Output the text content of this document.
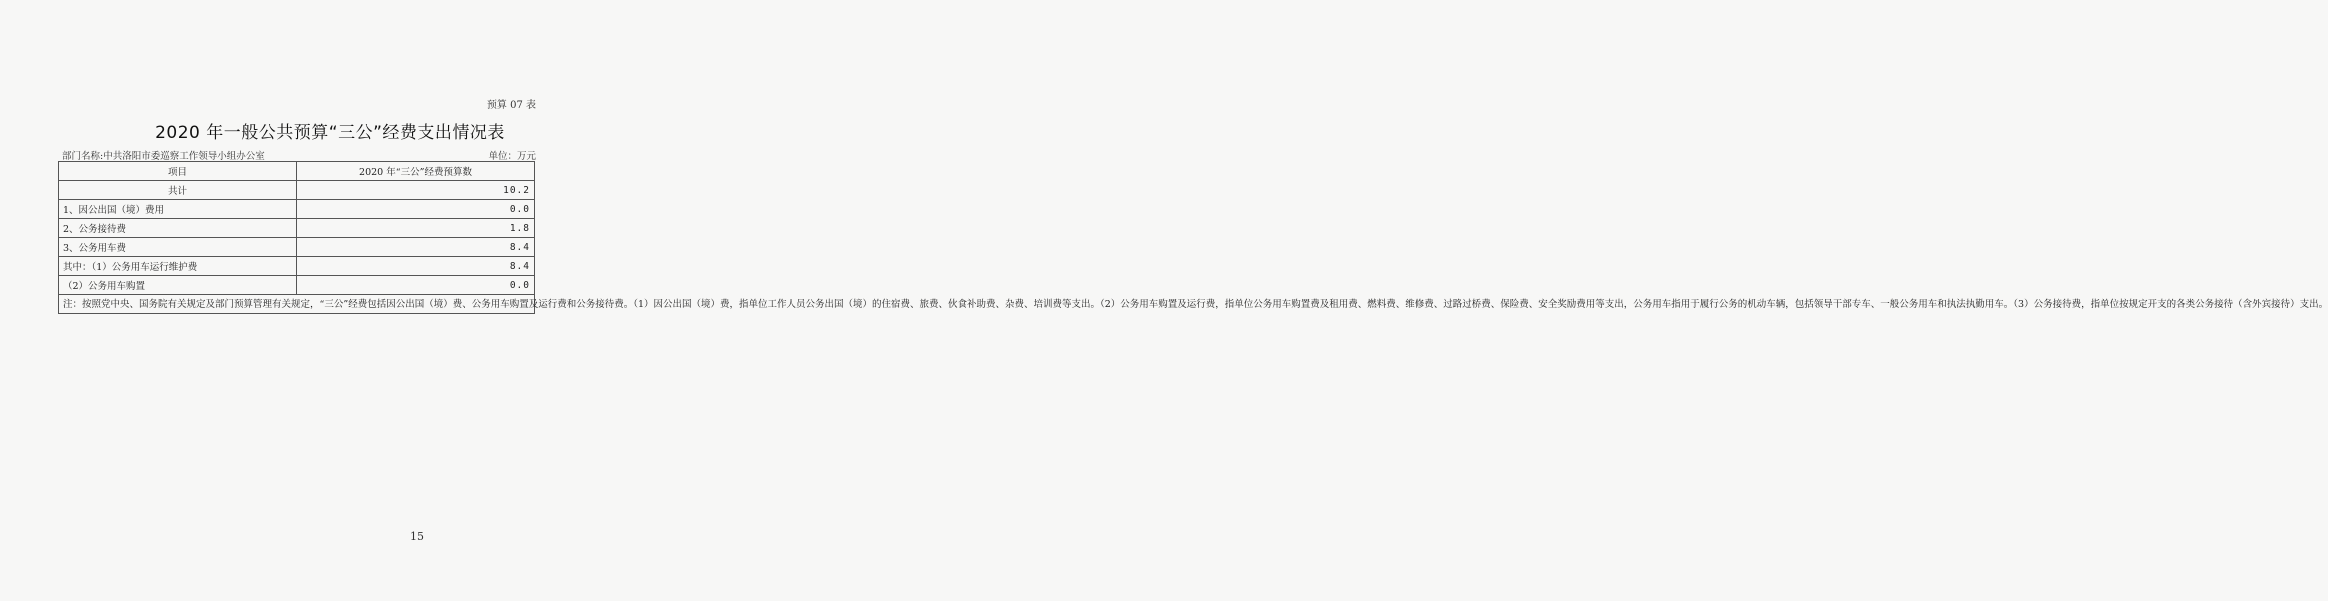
预算 07 表
2020 年一般公共预算“三公”经费支出情况表
部门名称:中共洛阳市委巡察工作领导小组办公室	单位：万元
项目	2020 年“三公”经费预算数
共计	10.2
1、因公出国（境）费用	0.0
2、公务接待费	1.8
3、公务用车费	8.4
其中：（1）公务用车运行维护费	8.4
（2）公务用车购置	0.0
注：按照党中央、国务院有关规定及部门预算管理有关规定，“三公”经费包括因公出国（境）费、公务用车购置及运行费和公务接待费。（1）因公出国（境）费，指单位工作人员公务出国（境）的住宿费、旅费、伙食补助费、杂费、培训费等支出。（2）公务用车购置及运行费，指单位公务用车购置费及租用费、燃料费、维修费、过路过桥费、保险费、安全奖励费用等支出，公务用车指用于履行公务的机动车辆，包括领导干部专车、一般公务用车和执法执勤用车。（3）公务接待费，指单位按规定开支的各类公务接待（含外宾接待）支出。	
15
